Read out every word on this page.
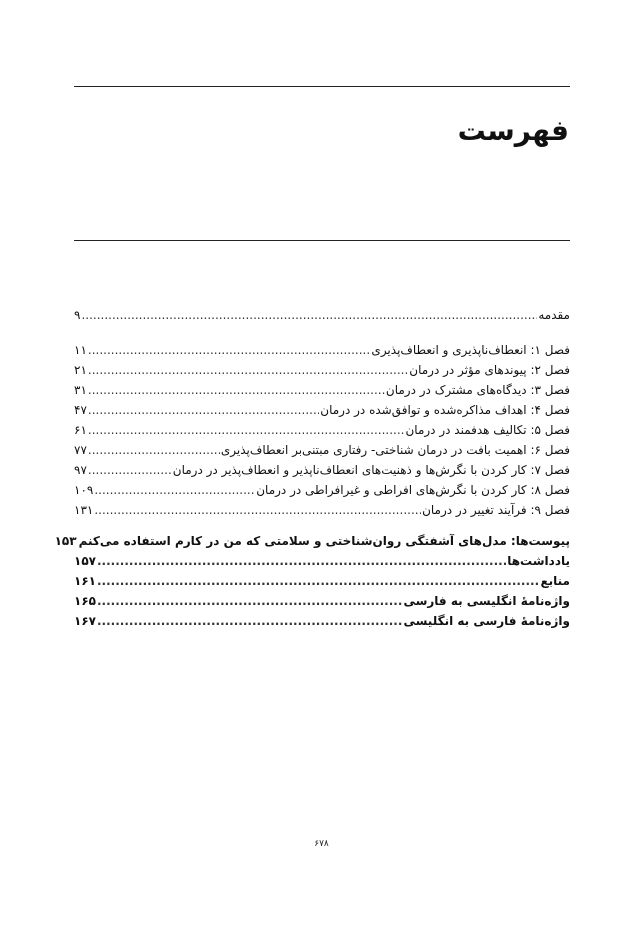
فهرست
مقدمه
.....
۹
فصل ۱: انعطاف‌ناپذیری و انعطاف‌پذیری
.....
۱۱
فصل ۲: پیوندهای مؤثر در درمان
.....
۲۱
فصل ۳: دیدگاه‌های مشترک در درمان
.....
۳۱
فصل ۴: اهداف مذاکره‌شده و توافق‌شده در درمان
.....
۴۷
فصل ۵: تکالیف هدفمند در درمان
.....
۶۱
فصل ۶: اهمیت بافت در درمان شناختی- رفتاری مبتنی‌بر انعطاف‌پذیری
.....
۷۷
فصل ۷: کار کردن با نگرش‌ها و ذهنیت‌های انعطاف‌ناپذیر و انعطاف‌پذیر در درمان
.....
۹۷
فصل ۸: کار کردن با نگرش‌های افراطی و غیرافراطی در درمان
.....
۱۰۹
فصل ۹: فرآیند تغییر در درمان
.....
۱۳۱
پیوست‌ها: مدل‌های آشفتگی روان‌شناختی و سلامتی که من در کارم استفاده می‌کنم
۱۵۳
یادداشت‌ها
.....
۱۵۷
منابع
.....
۱۶۱
واژه‌نامهٔ انگلیسی به فارسی
.....
۱۶۵
واژه‌نامهٔ فارسی به انگلیسی
.....
۱۶۷
۶۷۸
